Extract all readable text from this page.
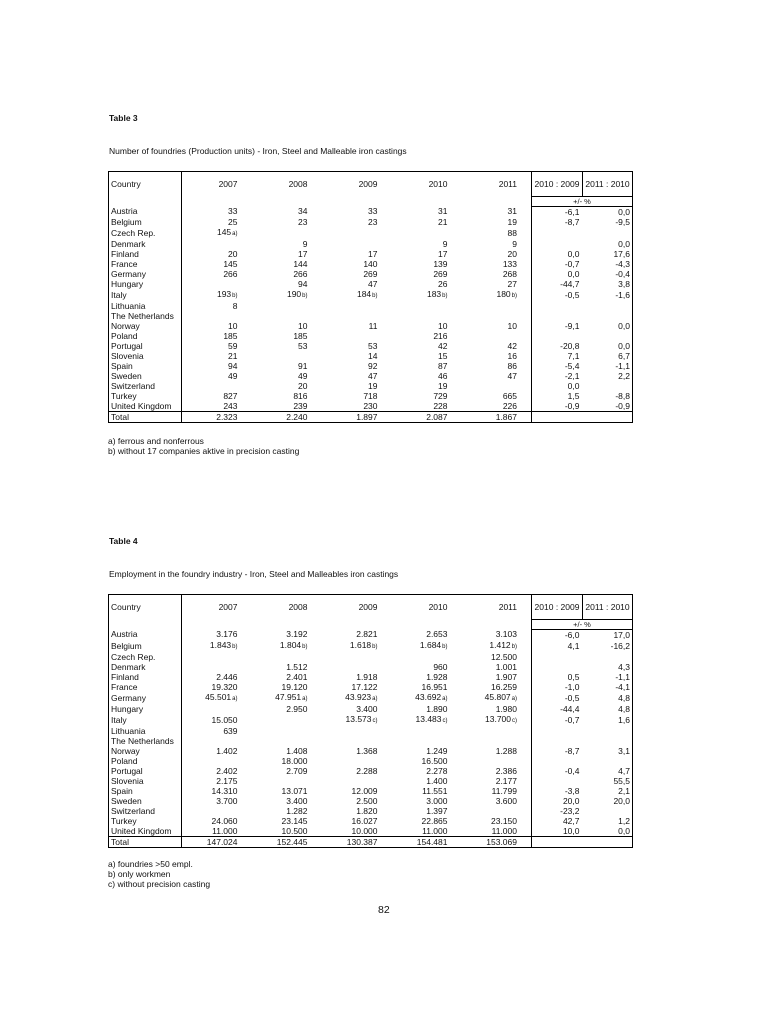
Table 3
Number of foundries (Production units) - Iron, Steel and Malleable iron castings
Country	2007	2008	2009	2010	2011	2010 : 2009	2011 : 2010
						+/- %	
Austria	33	34	33	31	31	-6,1	0,0
Belgium	25	23	23	21	19	-8,7	-9,5
Czech Rep.	145a)				88		
Denmark		9		9	9		0,0
Finland	20	17	17	17	20	0,0	17,6
France	145	144	140	139	133	-0,7	-4,3
Germany	266	266	269	269	268	0,0	-0,4
Hungary		94	47	26	27	-44,7	3,8
Italy	193b)	190b)	184b)	183b)	180b)	-0,5	-1,6
Lithuania	8						
The Netherlands							
Norway	10	10	11	10	10	-9,1	0,0
Poland	185	185		216			
Portugal	59	53	53	42	42	-20,8	0,0
Slovenia	21		14	15	16	7,1	6,7
Spain	94	91	92	87	86	-5,4	-1,1
Sweden	49	49	47	46	47	-2,1	2,2
Switzerland		20	19	19		0,0	
Turkey	827	816	718	729	665	1,5	-8,8
United Kingdom	243	239	230	228	226	-0,9	-0,9
Total	2.323	2.240	1.897	2.087	1.867		
a) ferrous and nonferrous
b) without 17 companies aktive in precision casting
Table 4
Employment in the foundry industry - Iron, Steel and Malleables iron castings
Country	2007	2008	2009	2010	2011	2010 : 2009	2011 : 2010
						+/- %	
Austria	3.176	3.192	2.821	2.653	3.103	-6,0	17,0
Belgium	1.843b)	1.804b)	1.618b)	1.684b)	1.412b)	4,1	-16,2
Czech Rep.					12.500		
Denmark		1.512		960	1.001		4,3
Finland	2.446	2.401	1.918	1.928	1.907	0,5	-1,1
France	19.320	19.120	17.122	16.951	16.259	-1,0	-4,1
Germany	45.501a)	47.951a)	43.923a)	43.692a)	45.807a)	-0,5	4,8
Hungary		2.950	3.400	1.890	1.980	-44,4	4,8
Italy	15.050		13.573c)	13.483c)	13.700c)	-0,7	1,6
Lithuania	639						
The Netherlands							
Norway	1.402	1.408	1.368	1.249	1.288	-8,7	3,1
Poland		18.000		16.500			
Portugal	2.402	2.709	2.288	2.278	2.386	-0,4	4,7
Slovenia	2.175			1.400	2.177		55,5
Spain	14.310	13.071	12.009	11.551	11.799	-3,8	2,1
Sweden	3.700	3.400	2.500	3.000	3.600	20,0	20,0
Switzerland		1.282	1.820	1.397		-23,2	
Turkey	24.060	23.145	16.027	22.865	23.150	42,7	1,2
United Kingdom	11.000	10.500	10.000	11.000	11.000	10,0	0,0
Total	147.024	152.445	130.387	154.481	153.069		
a) foundries >50 empl.
b) only workmen
c) without precision casting
82
